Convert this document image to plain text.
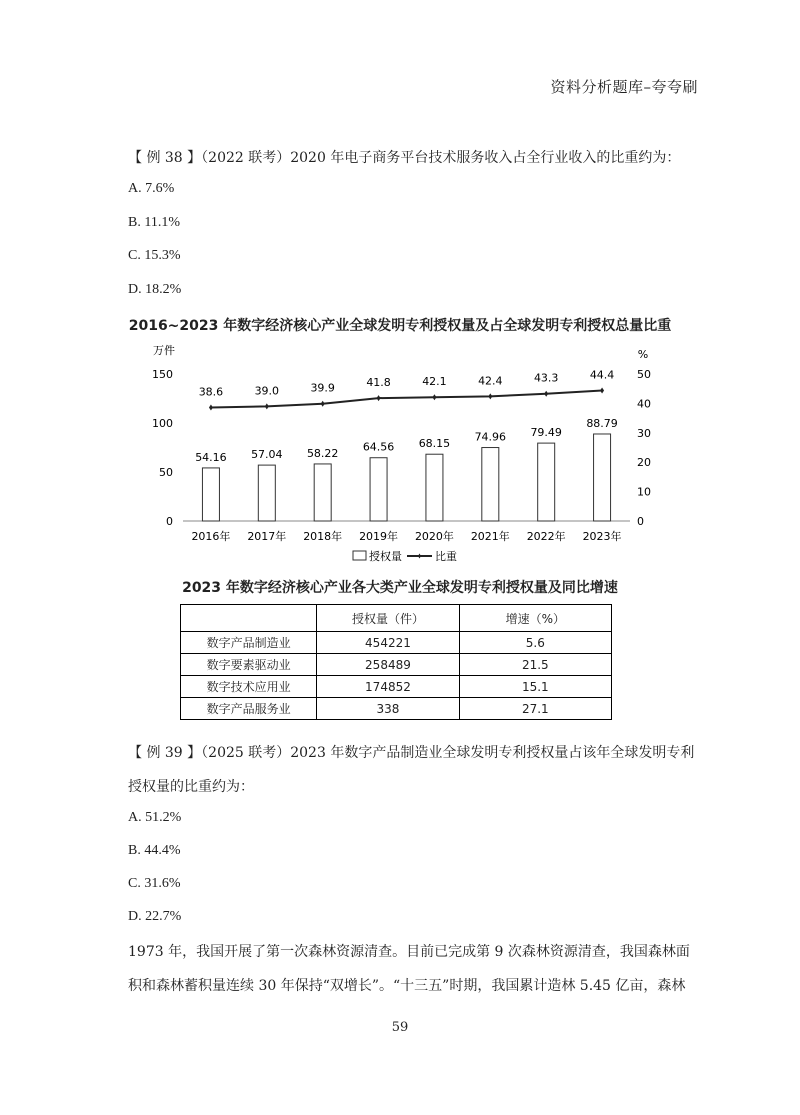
资料分析题库–夸夸刷
【 例 38 】（2022 联考）2020 年电子商务平台技术服务收入占全行业收入的比重约为：
A. 7.6%
B. 11.1%
C. 15.3%
D. 18.2%
2016~2023 年数字经济核心产业全球发明专利授权量及占全球发明专利授权总量比重
0
50
100
150
0
10
20
30
40
50
54.16
2016年
57.04
2017年
58.22
2018年
64.56
2019年
68.15
2020年
74.96
2021年
79.49
2022年
88.79
2023年
38.6	39.0	39.9	41.8	42.1	42.4	43.3	44.4
万件	%
授权量	比重
2023 年数字经济核心产业各大类产业全球发明专利授权量及同比增速
	授权量（件）	增速（%）
数字产品制造业	454221	5.6
数字要素驱动业	258489	21.5
数字技术应用业	174852	15.1
数字产品服务业	338	27.1
【 例 39 】（2025 联考）2023 年数字产品制造业全球发明专利授权量占该年全球发明专利
授权量的比重约为：
A. 51.2%
B. 44.4%
C. 31.6%
D. 22.7%
1973 年，我国开展了第一次森林资源清查。目前已完成第 9 次森林资源清查，我国森林面
积和森林蓄积量连续 30 年保持“双增长”。“十三五”时期，我国累计造林 5.45 亿亩，森林
59
